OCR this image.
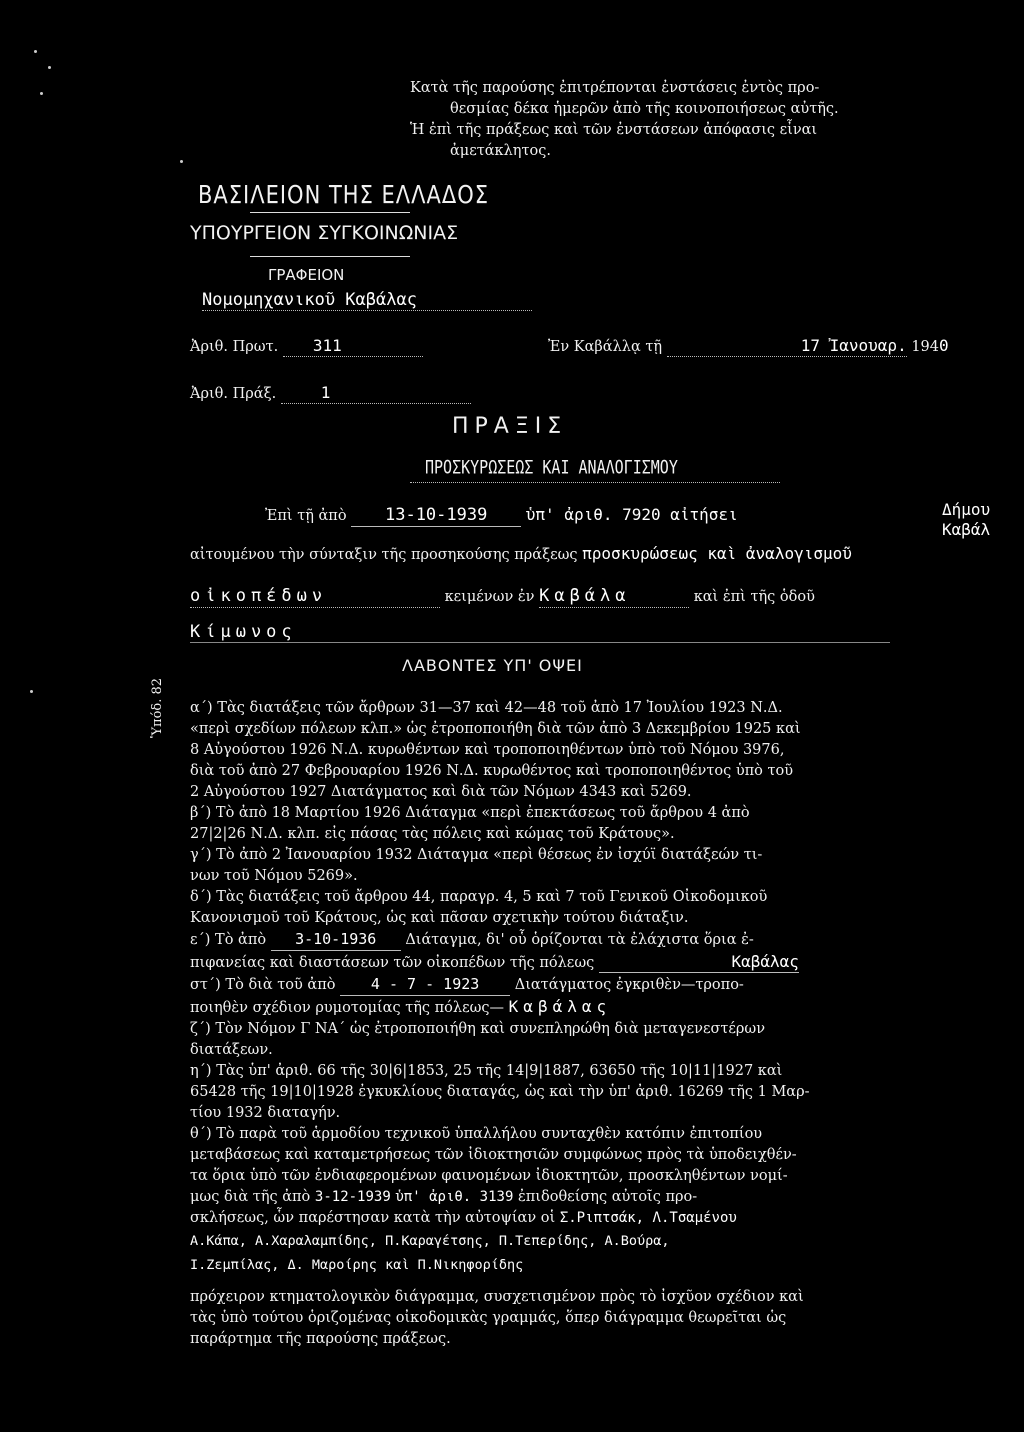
Κατὰ τῆς παρούσης ἐπιτρέπονται ἐνστάσεις ἐντὸς προ-
θεσμίας δέκα ἡμερῶν ἀπὸ τῆς κοινοποιήσεως αὐτῆς.
Ἡ ἐπὶ τῆς πράξεως καὶ τῶν ἐνστάσεων ἀπόφασις εἶναι
ἀμετάκλητος.
ΒΑΣΙΛΕΙΟΝ ΤΗΣ ΕΛΛΑΔΟΣ
ΥΠΟΥΡΓΕΙΟΝ ΣΥΓΚΟΙΝΩΝΙΑΣ
ΓΡΑΦΕΙΟΝ
Νομομηχανικοῦ Καβάλας
Ἀριθ. Πρωτ. 311	Ἐν Καβάλλᾳ τῇ	17 Ἰανουαρ. 1940
Ἀριθ. Πράξ.	1
ΠΡΑΞΙΣ
ΠΡΟΣΚΥΡΩΣΕΩΣ ΚΑΙ ΑΝΑΛΟΓΙΣΜΟΥ
Ἐπὶ τῇ ἀπὸ 13-10-1939 ὑπ' ἀριθ. 7920 αἰτήσει	Δήμου
Καβάλ
αἰτουμένου τὴν σύνταξιν τῆς προσηκούσης πράξεως προσκυρώσεως καὶ ἀναλογισμοῦ
οἰκοπέδων	κειμένων ἐν Καβάλα	καὶ ἐπὶ τῆς ὁδοῦ
Κίμωνος
ΛΑΒΟΝΤΕΣ ΥΠ' ΟΨΕΙ
Ὑπόδ. 82 α΄) Τὰς διατάξεις τῶν ἄρθρων 31—37 καὶ 42—48 τοῦ ἀπὸ 17 Ἰουλίου 1923 Ν.Δ.

«περὶ σχεδίων πόλεων κλπ.» ὡς ἐτροποποιήθη διὰ τῶν ἀπὸ 3 Δεκεμβρίου 1925 καὶ

8 Αὐγούστου 1926 Ν.Δ. κυρωθέντων καὶ τροποποιηθέντων ὑπὸ τοῦ Νόμου 3976,

διὰ τοῦ ἀπὸ 27 Φεβρουαρίου 1926 Ν.Δ. κυρωθέντος καὶ τροποποιηθέντος ὑπὸ τοῦ

2 Αὐγούστου 1927 Διατάγματος καὶ διὰ τῶν Νόμων 4343 καὶ 5269.

β΄) Τὸ ἀπὸ 18 Μαρτίου 1926 Διάταγμα «περὶ ἐπεκτάσεως τοῦ ἄρθρου 4 ἀπὸ

27|2|26 Ν.Δ. κλπ. εἰς πάσας τὰς πόλεις καὶ κώμας τοῦ Κράτους».

γ΄) Τὸ ἀπὸ 2 Ἰανουαρίου 1932 Διάταγμα «περὶ θέσεως ἐν ἰσχύϊ διατάξεών τι-

νων τοῦ Νόμου 5269».

δ΄) Τὰς διατάξεις τοῦ ἄρθρου 44, παραγρ. 4, 5 καὶ 7 τοῦ Γενικοῦ Οἰκοδομικοῦ

Κανονισμοῦ τοῦ Κράτους, ὡς καὶ πᾶσαν σχετικὴν τούτου διάταξιν.

ε΄) Τὸ ἀπὸ 3-10-1936 Διάταγμα, δι' οὗ ὁρίζονται τὰ ἐλάχιστα ὅρια ἐ-

πιφανείας καὶ διαστάσεων τῶν οἰκοπέδων τῆς πόλεως	Καβάλας

στ΄) Τὸ διὰ τοῦ ἀπὸ 4 - 7 - 1923 Διατάγματος ἐγκριθὲν—τροπο-

ποιηθὲν σχέδιον ρυμοτομίας τῆς πόλεως— Καβάλας

ζ΄) Τὸν Νόμον Γ ΝΑ΄ ὡς ἐτροποποιήθη καὶ συνεπληρώθη διὰ μεταγενεστέρων

διατάξεων.

η΄) Τὰς ὑπ' ἀριθ. 66 τῆς 30|6|1853, 25 τῆς 14|9|1887, 63650 τῆς 10|11|1927 καὶ

65428 τῆς 19|10|1928 ἐγκυκλίους διαταγάς, ὡς καὶ τὴν ὑπ' ἀριθ. 16269 τῆς 1 Μαρ-

τίου 1932 διαταγήν.

θ΄) Τὸ παρὰ τοῦ ἁρμοδίου τεχνικοῦ ὑπαλλήλου συνταχθὲν κατόπιν ἐπιτοπίου

μεταβάσεως καὶ καταμετρήσεως τῶν ἰδιοκτησιῶν συμφώνως πρὸς τὰ ὑποδειχθέν-

τα ὅρια ὑπὸ τῶν ἐνδιαφερομένων φαινομένων ἰδιοκτητῶν, προσκληθέντων νομί-

μως διὰ τῆς ἀπὸ 3-12-1939 ὑπ' ἀριθ. 3139 ἐπιδοθείσης αὐτοῖς προ-

σκλήσεως, ὧν παρέστησαν κατὰ τὴν αὐτοψίαν οἱ Σ.Ριπτσάκ, Λ.Τσαμένου

Α.Κάπα, Α.Χαραλαμπίδης, Π.Καραγέτσης, Π.Τεπερίδης, Α.Βούρα,

Ι.Ζεμπίλας, Δ. Μαροίρης καὶ Π.Νικηφορίδης

πρόχειρον κτηματολογικὸν διάγραμμα, συσχετισμένον πρὸς τὸ ἰσχῦον σχέδιον καὶ

τὰς ὑπὸ τούτου ὁριζομένας οἰκοδομικὰς γραμμάς, ὅπερ διάγραμμα θεωρεῖται ὡς

παράρτημα τῆς παρούσης πράξεως.
